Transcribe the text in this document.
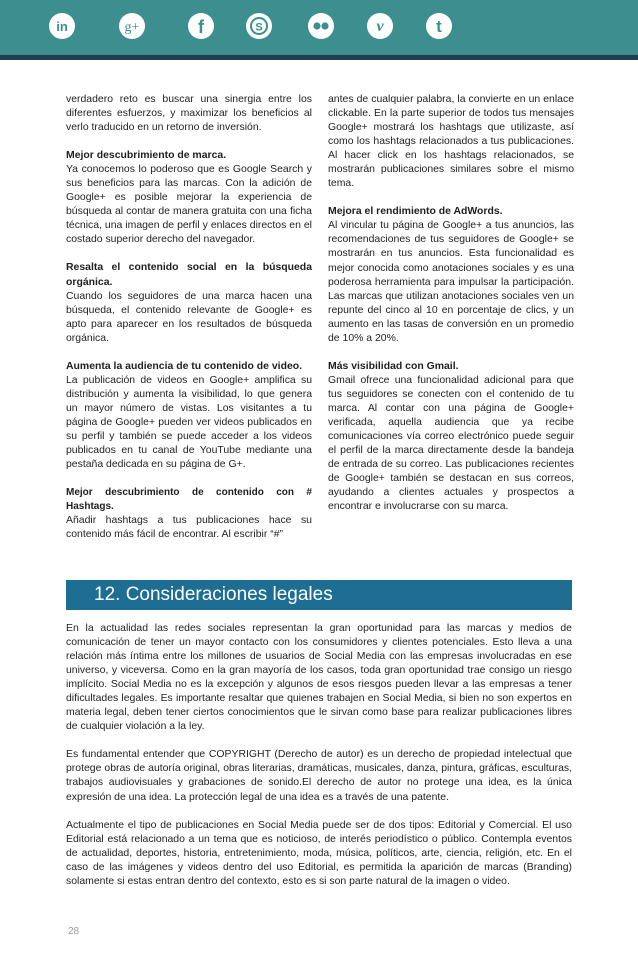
in	g+	f	S
••
v	t

verdadero reto es buscar una sinergia entre los diferentes esfuerzos, y maximizar los beneficios al verlo traducido en un retorno de inversión.

Mejor descubrimiento de marca.
Ya conocemos lo poderoso que es Google Search y sus beneficios para las marcas. Con la adición de Google+ es posible mejorar la experiencia de búsqueda al contar de manera gratuita con una ficha técnica, una imagen de perfil y enlaces directos en el costado superior derecho del navegador.

Resalta el contenido social en la búsqueda orgánica.
Cuando los seguidores de una marca hacen una búsqueda, el contenido relevante de Google+ es apto para aparecer en los resultados de búsqueda orgánica.

Aumenta la audiencia de tu contenido de video.
La publicación de videos en Google+ amplifica su distribución y aumenta la visibilidad, lo que genera un mayor número de vistas. Los visitantes a tu página de Google+ pueden ver videos publicados en su perfil y también se puede acceder a los videos publicados en tu canal de YouTube mediante una pestaña dedicada en su página de G+.

Mejor descubrimiento de contenido con # Hashtags.
Añadir hashtags a tus publicaciones hace su contenido más fácil de encontrar. Al escribir “#”

antes de cualquier palabra, la convierte en un enlace clickable. En la parte superior de todos tus mensajes Google+ mostrará los hashtags que utilizaste, así como los hashtags relacionados a tus publicaciones. Al hacer click en los hashtags relacionados, se mostrarán publicaciones similares sobre el mismo tema.

Mejora el rendimiento de AdWords.
Al vincular tu página de Google+ a tus anuncios, las recomendaciones de tus seguidores de Google+ se mostrarán en tus anuncios. Esta funcionalidad es mejor conocida como anotaciones sociales y es una poderosa herramienta para impulsar la participación. Las marcas que utilizan anotaciones sociales ven un repunte del cinco al 10 en porcentaje de clics, y un aumento en las tasas de conversión en un promedio de 10% a 20%.

Más visibilidad con Gmail.
Gmail ofrece una funcionalidad adicional para que tus seguidores se conecten con el contenido de tu marca. Al contar con una página de Google+ verificada, aquella audiencia que ya recibe comunicaciones vía correo electrónico puede seguir el perfil de la marca directamente desde la bandeja de entrada de su correo. Las publicaciones recientes de Google+ también se destacan en sus correos, ayudando a clientes actuales y prospectos a encontrar e involucrarse con su marca.

12. Consideraciones legales

En la actualidad las redes sociales representan la gran oportunidad para las marcas y medios de comunicación de tener un mayor contacto con los consumidores y clientes potenciales. Esto lleva a una relación más íntima entre los millones de usuarios de Social Media con las empresas involucradas en ese universo, y viceversa. Como en la gran mayoría de los casos, toda gran oportunidad trae consigo un riesgo implícito. Social Media no es la excepción y algunos de esos riesgos pueden llevar a las empresas a tener dificultades legales. Es importante resaltar que quienes trabajen en Social Media, si bien no son expertos en materia legal, deben tener ciertos conocimientos que le sirvan como base para realizar publicaciones libres de cualquier violación a la ley.

Es fundamental entender que COPYRIGHT (Derecho de autor) es un derecho de propiedad intelectual que protege obras de autoría original, obras literarias, dramáticas, musicales, danza, pintura, gráficas, esculturas, trabajos audiovisuales y grabaciones de sonido.El derecho de autor no protege una idea, es la única expresión de una idea. La protección legal de una idea es a través de una patente.

Actualmente el tipo de publicaciones en Social Media puede ser de dos tipos: Editorial y Comercial. El uso Editorial está relacionado a un tema que es noticioso, de interés periodístico o público. Contempla eventos de actualidad, deportes, historia, entretenimiento, moda, música, políticos, arte, ciencia, religión, etc. En el caso de las imágenes y videos dentro del uso Editorial, es permitida la aparición de marcas (Branding) solamente si estas entran dentro del contexto, esto es si son parte natural de la imagen o video.

28
